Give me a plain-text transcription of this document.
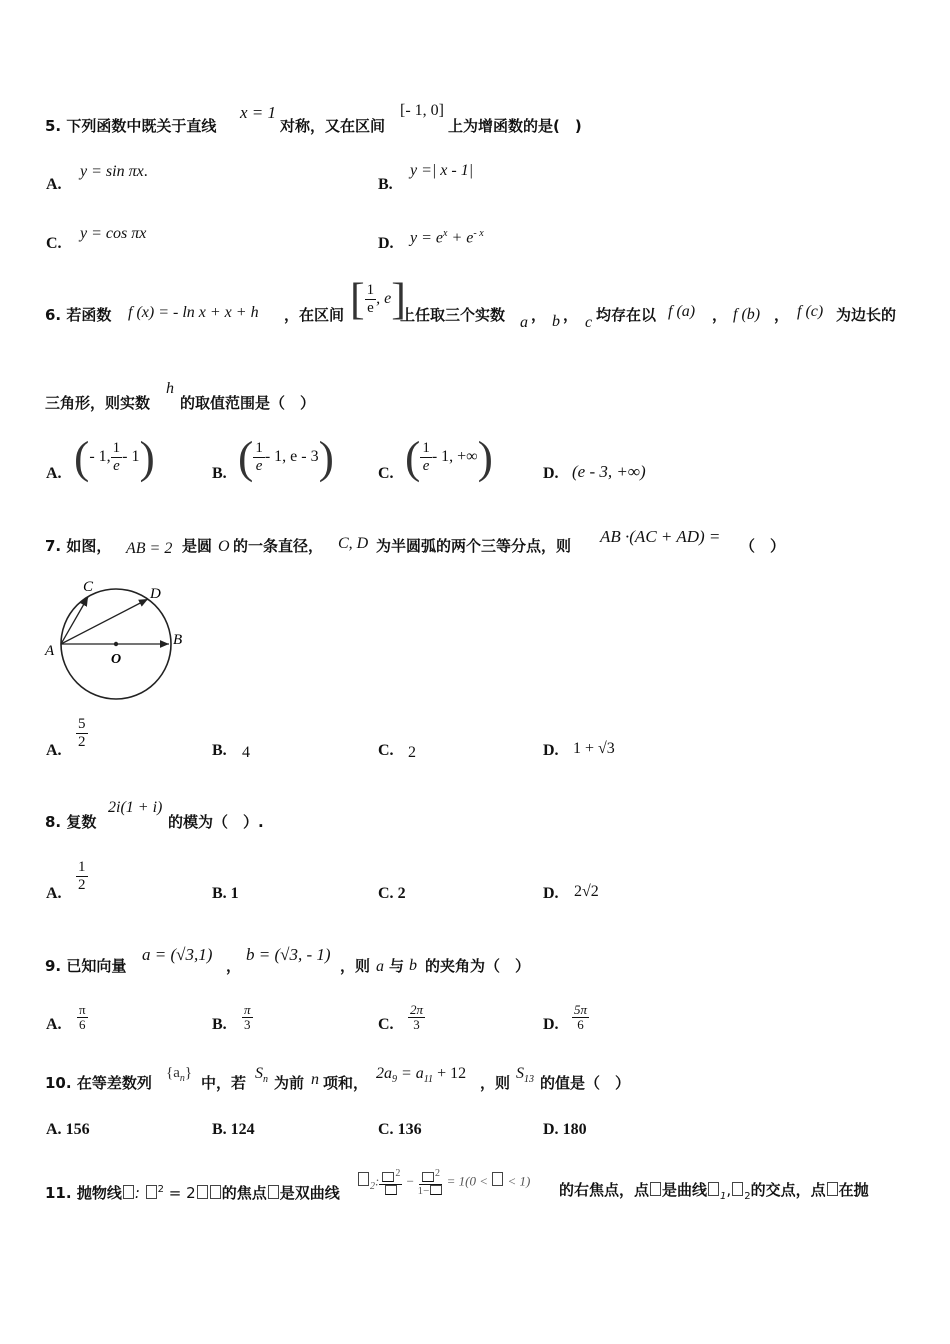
5. 下列函数中既关于直线
x = 1
对称，又在区间
[- 1, 0]
上为增函数的是(　)
A.
y = sin πx.
B.
y =| x - 1|
C.
y = cos πx
D. $y = e^x + e^{- x}$
6. 若函数 f (x) = - ln x + x + h ，在区间 [ $\frac{1}{e}$ , e]
上任取三个实数 a ， b ， c 均存在以 f (a) ， f (b) ， f (c) 为边长的
三角形，则实数
h
的取值范围是（　）
A. (- 1, $\frac{1}{e} - 1$)	B. ( $\frac{1}{e} - 1$, e - 3)	C. ( $\frac{1}{e} - 1$, +∞)	D. (e - 3, +∞)
7. 如图， AB = 2 是圆 O 的一条直径， C, D 为半圆弧的两个三等分点，则 AB ·(AC + AD) = （　）
A
B
C	D
O
A. $\frac{5}{2}$	B. 4	C. 2	D. 1 + √3
8. 复数
2i(1 + i)
的模为（　）.
A. $\frac{1}{2}$	B. 1	C. 2	D. 2√2
9. 已知向量
a = (√3,1)
，
b = (√3, - 1)
，则 a 与 b 的夹角为（　）
A. $\frac{\pi}{6}$	B. $\frac{\pi}{3}$	C. $\frac{2\pi}{3}$	D. $\frac{5\pi}{6}$
10. 在等差数列
$\{a_n\}$
中，若
$S_n$ 为前 n 项和，
$2a_9 = a_{11} + 12$
，则
$S_{13}$ 的值是（　）
A. 156	B. 124	C. 136	D. 180
11. 抛物线 : $^2$ = 2 的焦点 是双曲线	$_2$:	$2 - \frac{2}{1-} = 1(0$ < < 1)
的右焦点，点 是曲线 $_1$, $_2$的交点，点 在抛
